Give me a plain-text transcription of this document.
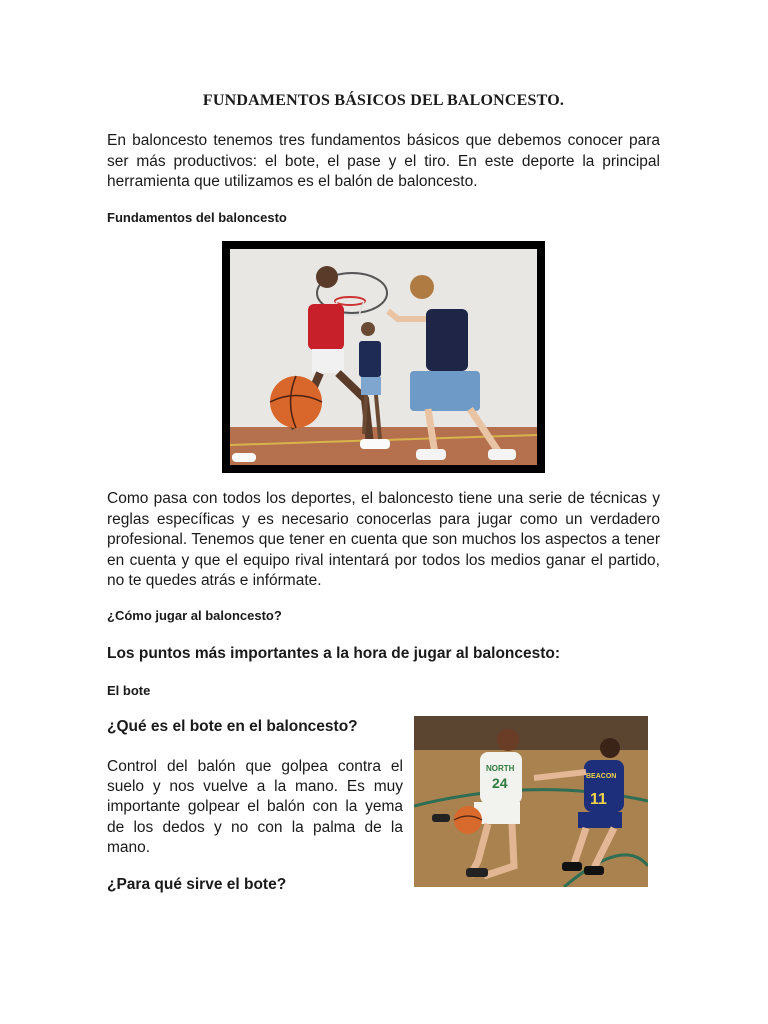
FUNDAMENTOS BÁSICOS DEL BALONCESTO.

En baloncesto tenemos tres fundamentos básicos que debemos conocer para ser más productivos: el bote, el pase y el tiro. En este deporte la principal herramienta que utilizamos es el balón de baloncesto.

Fundamentos del baloncesto

Como pasa con todos los deportes, el baloncesto tiene una serie de técnicas y reglas específicas y es necesario conocerlas para jugar como un verdadero profesional. Tenemos que tener en cuenta que son muchos los aspectos a tener en cuenta y que el equipo rival intentará por todos los medios ganar el partido, no te quedes atrás e infórmate.

¿Cómo jugar al baloncesto?
Los puntos más importantes a la hora de jugar al baloncesto:
El bote
¿Qué es el bote en el baloncesto?

Control del balón que golpea contra el suelo y nos vuelve a la mano. Es muy importante golpear el balón con la yema de los dedos y no con la palma de la mano.

¿Para qué sirve el bote?
NORTH
24	BEACON
11
